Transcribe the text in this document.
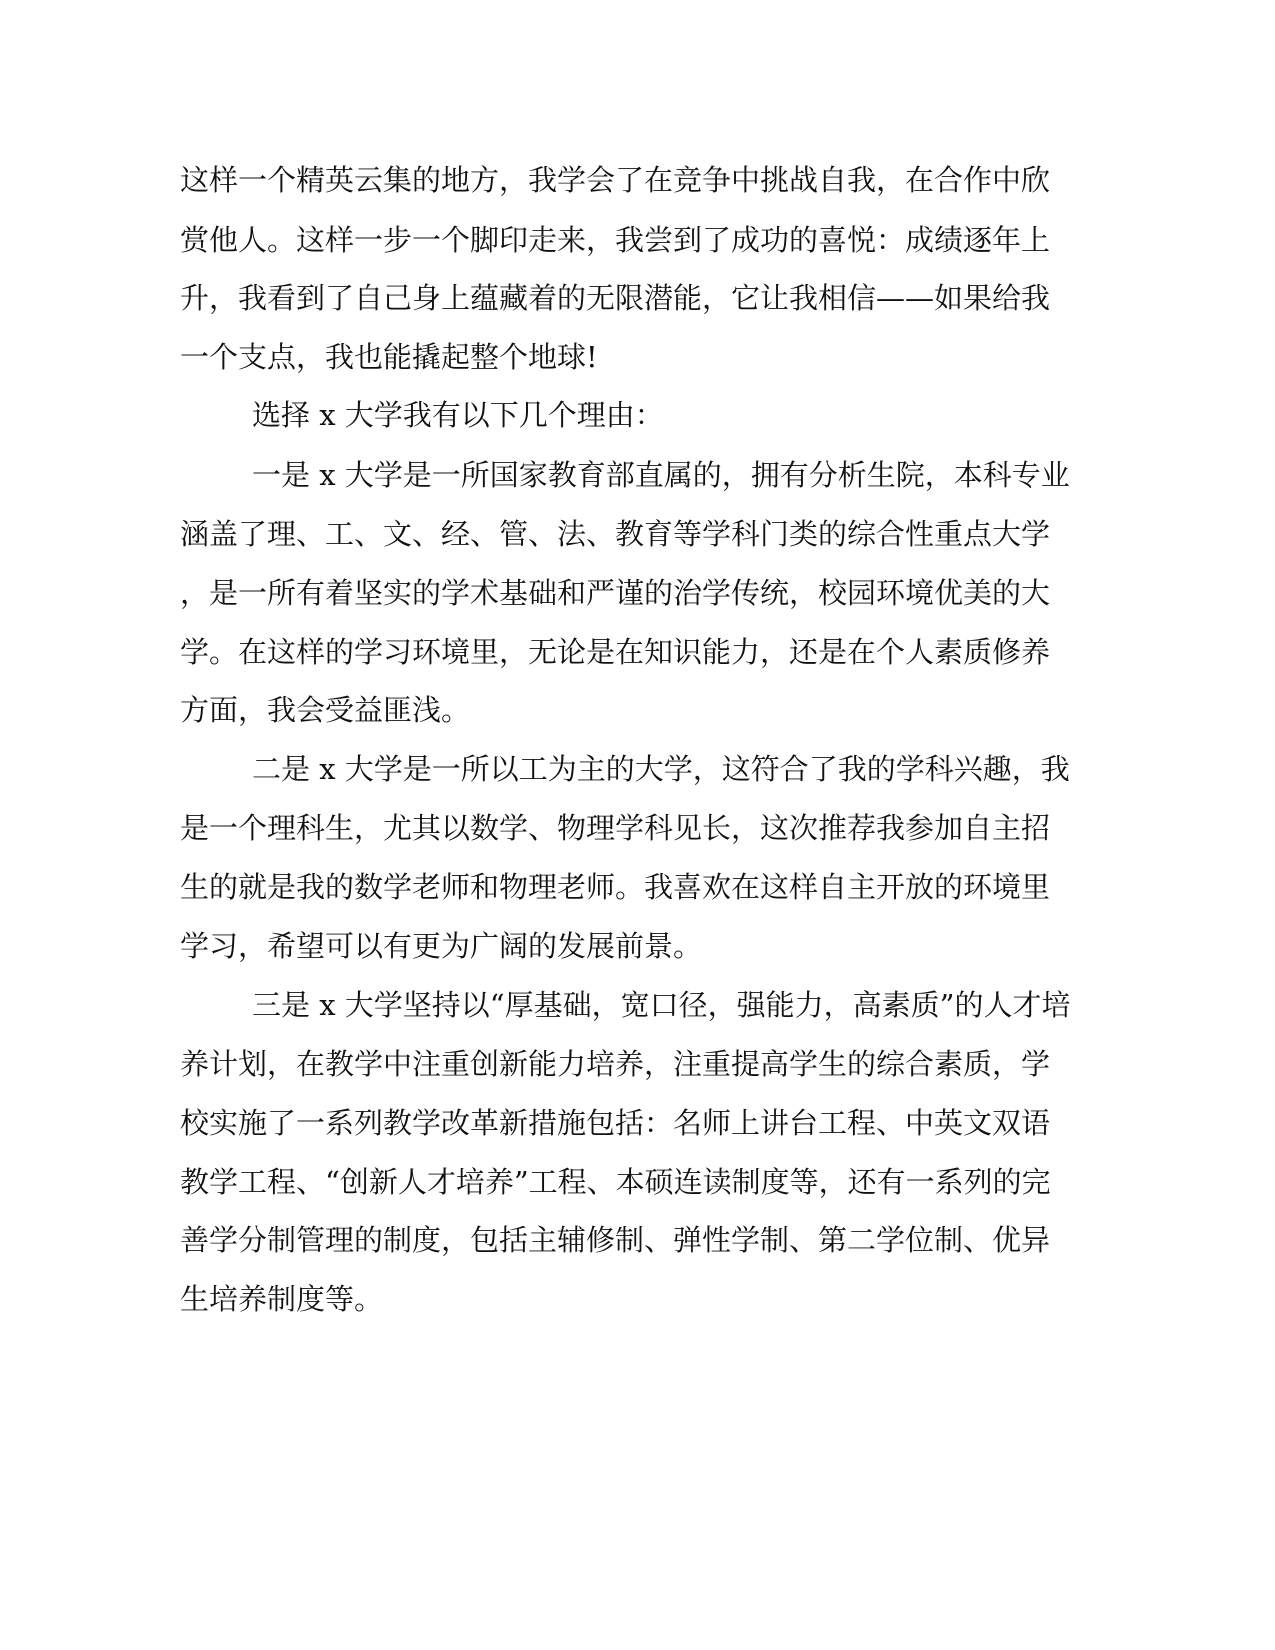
这样一个精英云集的地方，我学会了在竞争中挑战自我，在合作中欣
赏他人。这样一步一个脚印走来，我尝到了成功的喜悦：成绩逐年上
升，我看到了自己身上蕴藏着的无限潜能，它让我相信——如果给我
一个支点，我也能撬起整个地球!
选择 x 大学我有以下几个理由：
一是 x 大学是一所国家教育部直属的，拥有分析生院，本科专业
涵盖了理、工、文、经、管、法、教育等学科门类的综合性重点大学
，是一所有着坚实的学术基础和严谨的治学传统，校园环境优美的大
学。在这样的学习环境里，无论是在知识能力，还是在个人素质修养
方面，我会受益匪浅。
二是 x 大学是一所以工为主的大学，这符合了我的学科兴趣，我
是一个理科生，尤其以数学、物理学科见长，这次推荐我参加自主招
生的就是我的数学老师和物理老师。我喜欢在这样自主开放的环境里
学习，希望可以有更为广阔的发展前景。
三是 x 大学坚持以“厚基础，宽口径，强能力，高素质”的人才培
养计划，在教学中注重创新能力培养，注重提高学生的综合素质，学
校实施了一系列教学改革新措施包括：名师上讲台工程、中英文双语
教学工程、“创新人才培养”工程、本硕连读制度等，还有一系列的完
善学分制管理的制度，包括主辅修制、弹性学制、第二学位制、优异
生培养制度等。
